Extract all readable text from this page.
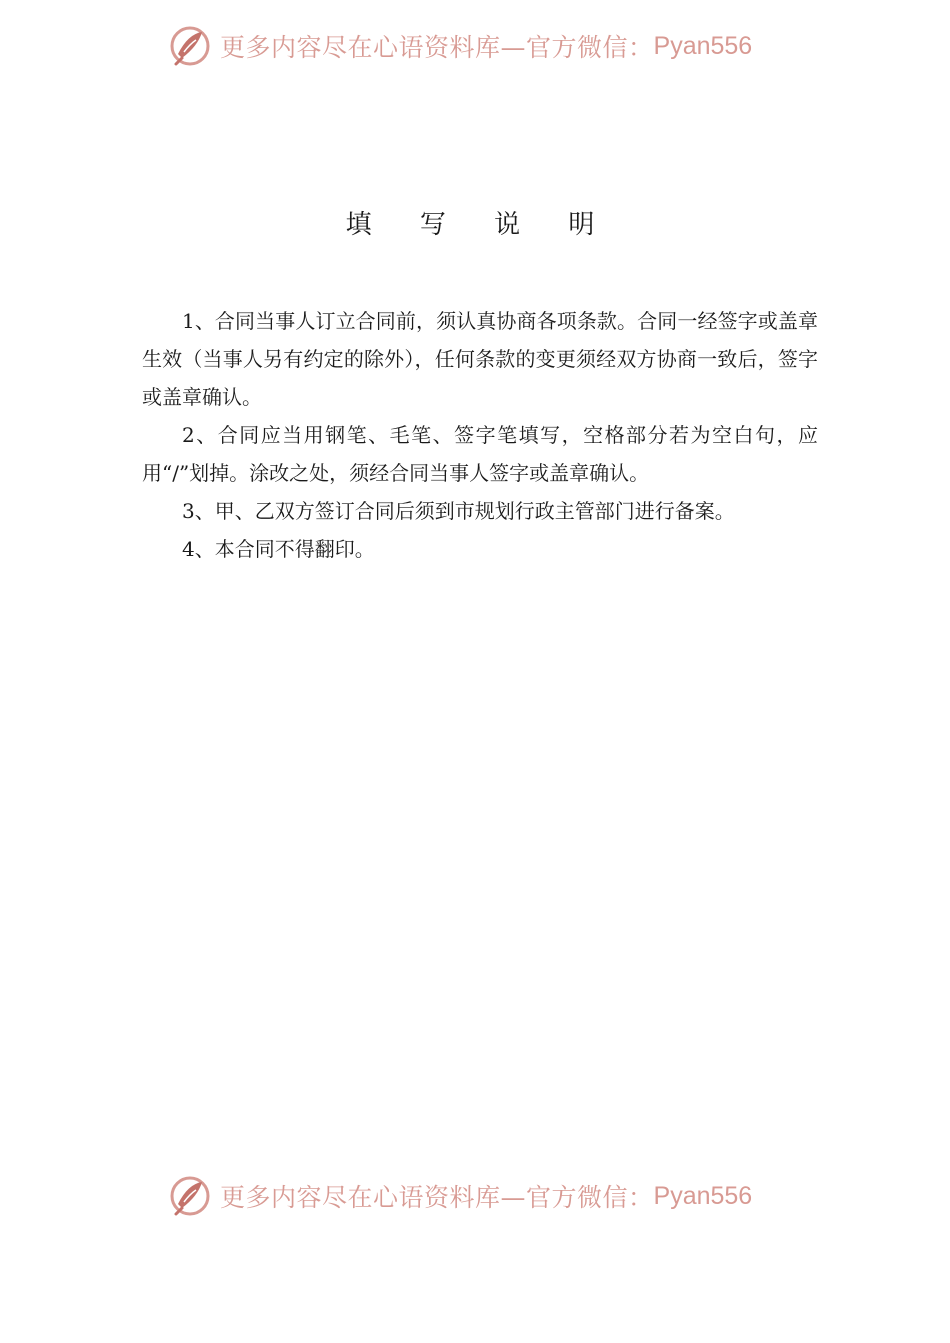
更多内容尽在心语资料库—官方微信： Pyan556
填 写 说 明

1、合同当事人订立合同前，须认真协商各项条款。合同一经签字或盖章生效（当事人另有约定的除外），任何条款的变更须经双方协商一致后，签字或盖章确认。

2、合同应当用钢笔、毛笔、签字笔填写，空格部分若为空白句，应用“/”划掉。涂改之处，须经合同当事人签字或盖章确认。

3、甲、乙双方签订合同后须到市规划行政主管部门进行备案。

4、本合同不得翻印。

更多内容尽在心语资料库—官方微信： Pyan556
